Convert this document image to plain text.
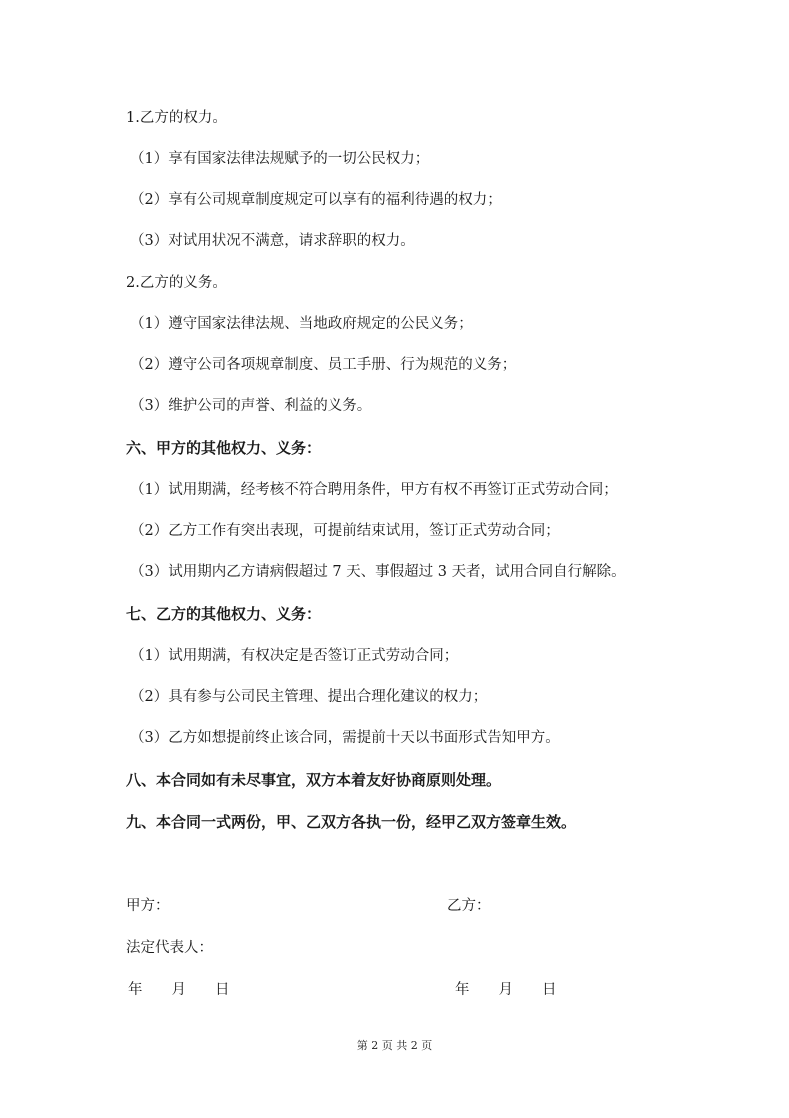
1.乙方的权力。
（1）享有国家法律法规赋予的一切公民权力；
（2）享有公司规章制度规定可以享有的福利待遇的权力；
（3）对试用状况不满意，请求辞职的权力。
2.乙方的义务。
（1）遵守国家法律法规、当地政府规定的公民义务；
（2）遵守公司各项规章制度、员工手册、行为规范的义务；
（3）维护公司的声誉、利益的义务。
六、甲方的其他权力、义务：
（1）试用期满，经考核不符合聘用条件，甲方有权不再签订正式劳动合同；
（2）乙方工作有突出表现，可提前结束试用，签订正式劳动合同；
（3）试用期内乙方请病假超过 7 天、事假超过 3 天者，试用合同自行解除。
七、乙方的其他权力、义务：
（1）试用期满，有权决定是否签订正式劳动合同；
（2）具有参与公司民主管理、提出合理化建议的权力；
（3）乙方如想提前终止该合同，需提前十天以书面形式告知甲方。
八、本合同如有未尽事宜，双方本着友好协商原则处理。
九、本合同一式两份，甲、乙双方各执一份，经甲乙双方签章生效。
甲方：	乙方：
法定代表人：
年　　月　　日	年　　月　　日
第 2 页 共 2 页
